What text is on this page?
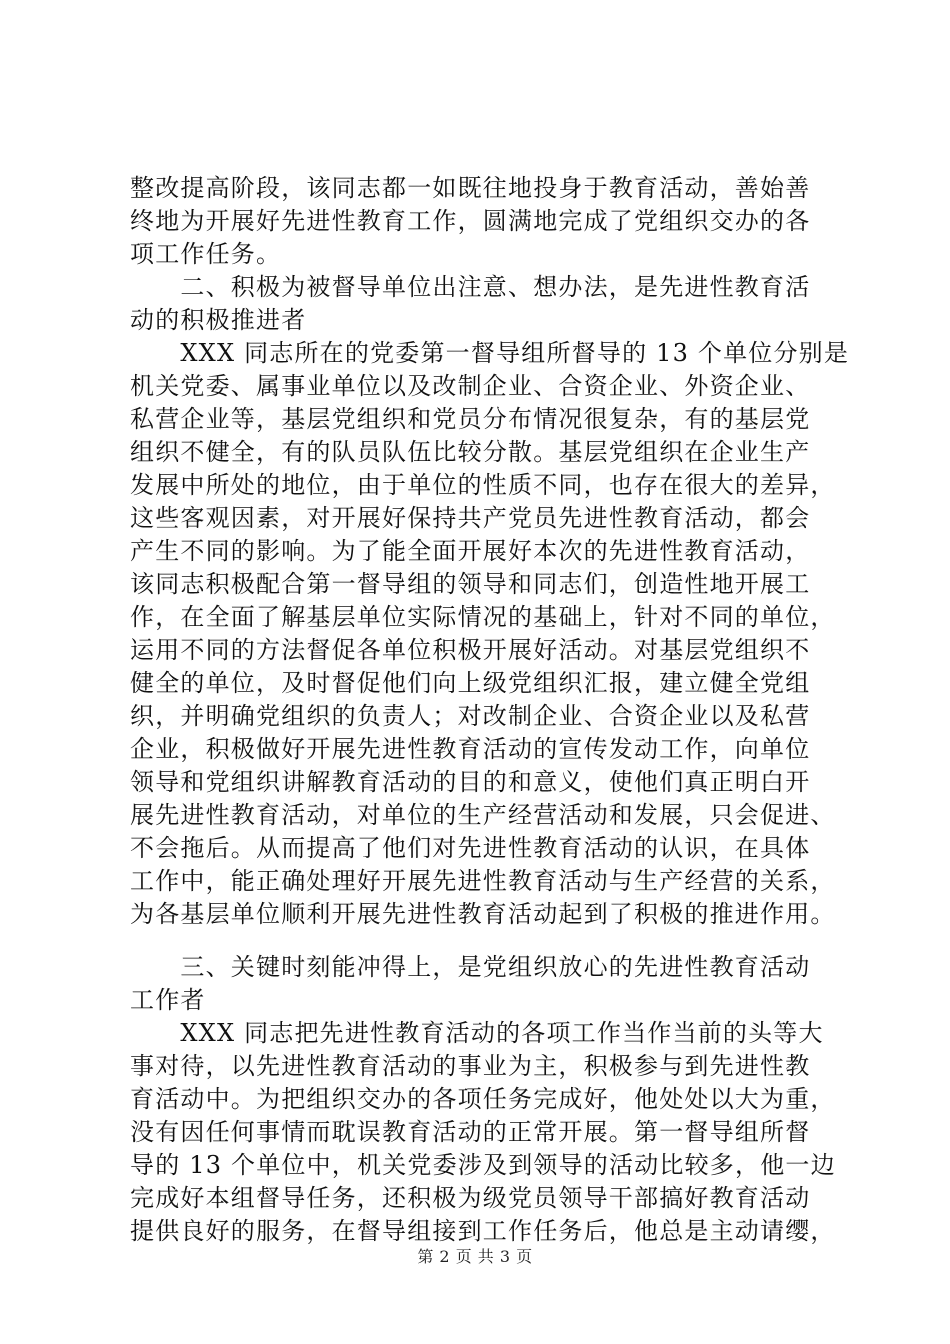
整改提高阶段，该同志都一如既往地投身于教育活动，善始善
终地为开展好先进性教育工作，圆满地完成了党组织交办的各
项工作任务。
　　二、积极为被督导单位出注意、想办法，是先进性教育活
动的积极推进者
　　XXX 同志所在的党委第一督导组所督导的 13 个单位分别是
机关党委、属事业单位以及改制企业、合资企业、外资企业、
私营企业等，基层党组织和党员分布情况很复杂，有的基层党
组织不健全，有的队员队伍比较分散。基层党组织在企业生产
发展中所处的地位，由于单位的性质不同，也存在很大的差异，
这些客观因素，对开展好保持共产党员先进性教育活动，都会
产生不同的影响。为了能全面开展好本次的先进性教育活动，
该同志积极配合第一督导组的领导和同志们，创造性地开展工
作，在全面了解基层单位实际情况的基础上，针对不同的单位，
运用不同的方法督促各单位积极开展好活动。对基层党组织不
健全的单位，及时督促他们向上级党组织汇报，建立健全党组
织，并明确党组织的负责人；对改制企业、合资企业以及私营
企业，积极做好开展先进性教育活动的宣传发动工作，向单位
领导和党组织讲解教育活动的目的和意义，使他们真正明白开
展先进性教育活动，对单位的生产经营活动和发展，只会促进、
不会拖后。从而提高了他们对先进性教育活动的认识，在具体
工作中，能正确处理好开展先进性教育活动与生产经营的关系，
为各基层单位顺利开展先进性教育活动起到了积极的推进作用。
　　三、关键时刻能冲得上，是党组织放心的先进性教育活动
工作者
　　XXX 同志把先进性教育活动的各项工作当作当前的头等大
事对待，以先进性教育活动的事业为主，积极参与到先进性教
育活动中。为把组织交办的各项任务完成好，他处处以大为重，
没有因任何事情而耽误教育活动的正常开展。第一督导组所督
导的 13 个单位中，机关党委涉及到领导的活动比较多，他一边
完成好本组督导任务，还积极为级党员领导干部搞好教育活动
提供良好的服务，在督导组接到工作任务后，他总是主动请缨，
第 2 页 共 3 页
